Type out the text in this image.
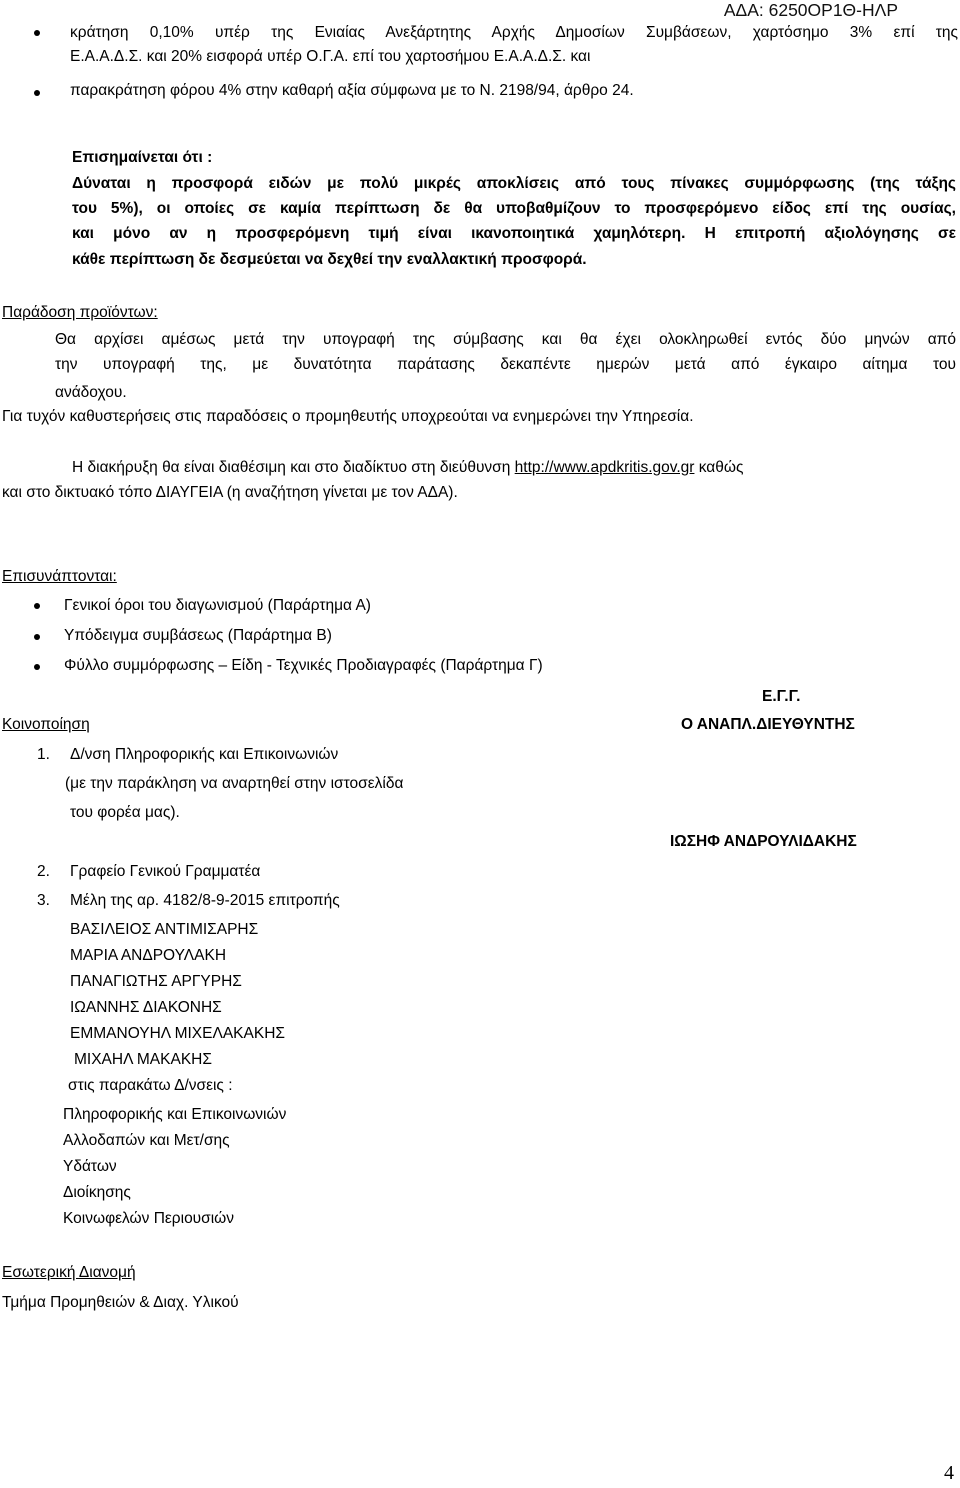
ΑΔΑ: 6250ΟΡ1Θ-ΗΛΡ
κράτηση 0,10% υπέρ της Ενιαίας Ανεξάρτητης Αρχής Δημοσίων Συμβάσεων, χαρτόσημο 3% επί της
Ε.Α.Α.Δ.Σ. και 20% εισφορά υπέρ Ο.Γ.Α. επί του χαρτοσήμου Ε.Α.Α.Δ.Σ. και
παρακράτηση φόρου 4% στην καθαρή αξία σύμφωνα με το Ν. 2198/94, άρθρο 24.
Επισημαίνεται ότι :
Δύναται η προσφορά ειδών με πολύ μικρές αποκλίσεις από τους πίνακες συμμόρφωσης (της τάξης
του 5%), οι οποίες σε καμία περίπτωση δε θα υποβαθμίζουν το προσφερόμενο είδος επί της ουσίας,
και μόνο αν η προσφερόμενη τιμή είναι ικανοποιητικά χαμηλότερη. Η επιτροπή αξιολόγησης σε
κάθε περίπτωση δε δεσμεύεται να δεχθεί την εναλλακτική προσφορά.
Παράδοση προϊόντων:
Θα αρχίσει αμέσως μετά την υπογραφή της σύμβασης και θα έχει ολοκληρωθεί εντός δύο μηνών από
την υπογραφή της, με δυνατότητα παράτασης δεκαπέντε ημερών μετά από έγκαιρο αίτημα του
ανάδοχου.
Για τυχόν καθυστερήσεις στις παραδόσεις ο προμηθευτής υποχρεούται να ενημερώνει την Υπηρεσία.
Η διακήρυξη θα είναι διαθέσιμη και στο διαδίκτυο στη διεύθυνση http://www.apdkritis.gov.gr καθώς
και στο δικτυακό τόπο ΔΙΑΥΓΕΙΑ (η αναζήτηση γίνεται με τον ΑΔΑ).
Επισυνάπτονται:
Γενικοί όροι του διαγωνισμού (Παράρτημα Α)
Υπόδειγμα συμβάσεως (Παράρτημα Β)
Φύλλο συμμόρφωσης – Είδη - Τεχνικές Προδιαγραφές (Παράρτημα Γ)
Ε.Γ.Γ.
Ο ΑΝΑΠΛ.ΔΙΕΥΘΥΝΤΗΣ
ΙΩΣΗΦ ΑΝΔΡΟΥΛΙΔΑΚΗΣ
Κοινοποίηση
1. Δ/νση Πληροφορικής και Επικοινωνιών
(με την παράκληση να αναρτηθεί στην ιστοσελίδα
του φορέα μας).
2. Γραφείο Γενικού Γραμματέα
3. Μέλη της αρ. 4182/8-9-2015 επιτροπής
ΒΑΣΙΛΕΙΟΣ ΑΝΤΙΜΙΣΑΡΗΣ
ΜΑΡΙΑ ΑΝΔΡΟΥΛΑΚΗ
ΠΑΝΑΓΙΩΤΗΣ ΑΡΓΥΡΗΣ
ΙΩΑΝΝΗΣ ΔΙΑΚΟΝΗΣ
ΕΜΜΑΝΟΥΗΛ ΜΙΧΕΛΑΚΑΚΗΣ
ΜΙΧΑΗΛ ΜΑΚΑΚΗΣ
στις παρακάτω Δ/νσεις :
Πληροφορικής και Επικοινωνιών
Αλλοδαπών και Μετ/σης
Υδάτων
Διοίκησης
Κοινωφελών Περιουσιών
Εσωτερική Διανομή
Τμήμα Προμηθειών & Διαχ. Υλικού
4
